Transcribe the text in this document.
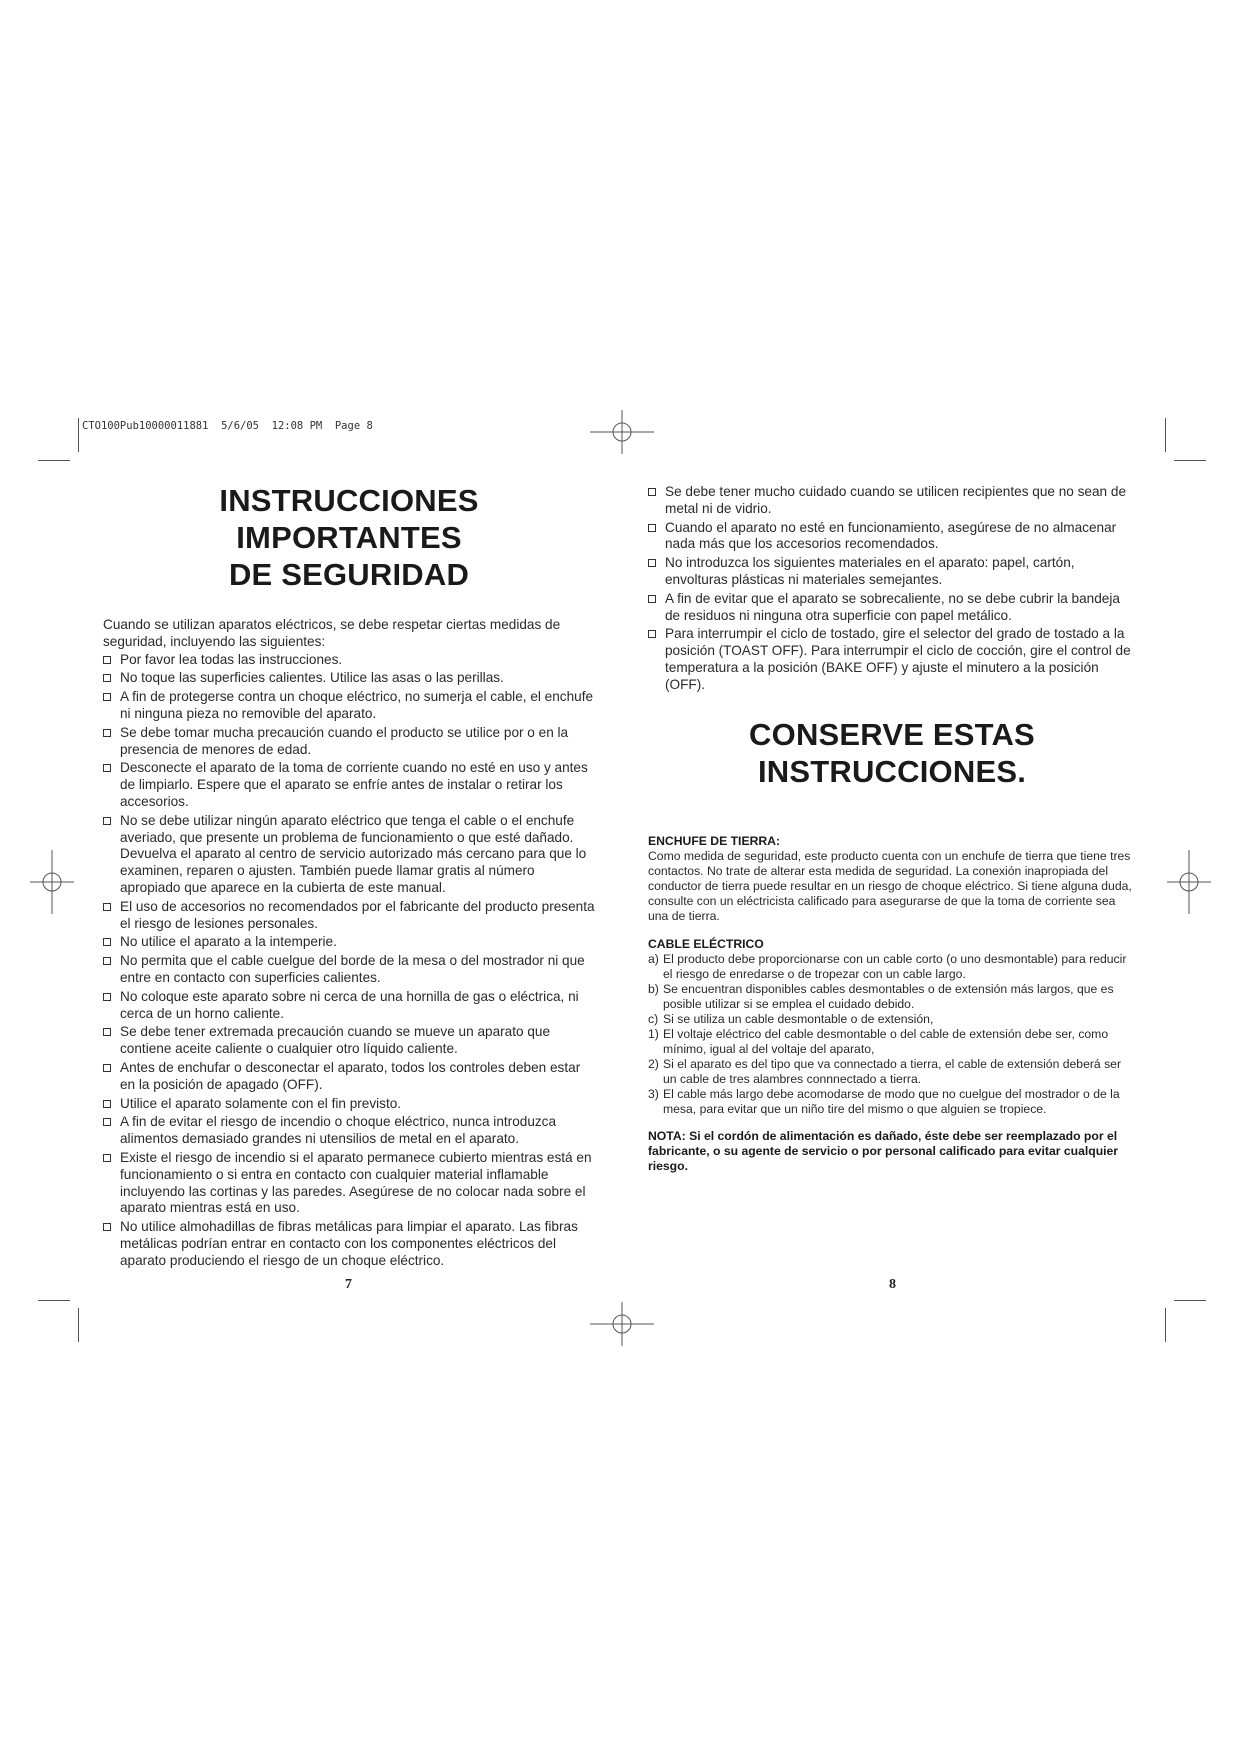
CTO100Pub10000011881  5/6/05  12:08 PM  Page 8
INSTRUCCIONES IMPORTANTES
DE SEGURIDAD

Cuando se utilizan aparatos eléctricos, se debe respetar ciertas medidas de seguridad, incluyendo las siguientes:

Por favor lea todas las instrucciones.
No toque las superficies calientes. Utilice las asas o las perillas.
A fin de protegerse contra un choque eléctrico, no sumerja el cable, el enchufe ni ninguna pieza no removible del aparato.
Se debe tomar mucha precaución cuando el producto se utilice por o en la presencia de menores de edad.
Desconecte el aparato de la toma de corriente cuando no esté en uso y antes de limpiarlo. Espere que el aparato se enfríe antes de instalar o retirar los accesorios.
No se debe utilizar ningún aparato eléctrico que tenga el cable o el enchufe averiado, que presente un problema de funcionamiento o que esté dañado. Devuelva el aparato al centro de servicio autorizado más cercano para que lo examinen, reparen o ajusten. También puede llamar gratis al número apropiado que aparece en la cubierta de este manual.
El uso de accesorios no recomendados por el fabricante del producto presenta el riesgo de lesiones personales.
No utilice el aparato a la intemperie.
No permita que el cable cuelgue del borde de la mesa o del mostrador ni que entre en contacto con superficies calientes.
No coloque este aparato sobre ni cerca de una hornilla de gas o eléctrica, ni cerca de un horno caliente.
Se debe tener extremada precaución cuando se mueve un aparato que contiene aceite caliente o cualquier otro líquido caliente.
Antes de enchufar o desconectar el aparato, todos los controles deben estar en la posición de apagado (OFF).
Utilice el aparato solamente con el fin previsto.
A fin de evitar el riesgo de incendio o choque eléctrico, nunca introduzca alimentos demasiado grandes ni utensilios de metal en el aparato.
Existe el riesgo de incendio si el aparato permanece cubierto mientras está en funcionamiento o si entra en contacto con cualquier material inflamable incluyendo las cortinas y las paredes. Asegúrese de no colocar nada sobre el aparato mientras está en uso.
No utilice almohadillas de fibras metálicas para limpiar el aparato. Las fibras metálicas podrían entrar en contacto con los componentes eléctricos del aparato produciendo el riesgo de un choque eléctrico.
Se debe tener mucho cuidado cuando se utilicen recipientes que no sean de metal ni de vidrio.
Cuando el aparato no esté en funcionamiento, asegúrese de no almacenar nada más que los accesorios recomendados.
No introduzca los siguientes materiales en el aparato: papel, cartón, envolturas plásticas ni materiales semejantes.
A fin de evitar que el aparato se sobrecaliente, no se debe cubrir la bandeja de residuos ni ninguna otra superficie con papel metálico.
Para interrumpir el ciclo de tostado, gire el selector del grado de tostado a la posición (TOAST OFF). Para interrumpir el ciclo de cocción, gire el control de temperatura a la posición (BAKE OFF) y ajuste el minutero a la posición (OFF).
CONSERVE ESTAS
INSTRUCCIONES.
ENCHUFE DE TIERRA:

Como medida de seguridad, este producto cuenta con un enchufe de tierra que tiene tres contactos. No trate de alterar esta medida de seguridad. La conexión inapropiada del conductor de tierra puede resultar en un riesgo de choque eléctrico. Si tiene alguna duda, consulte con un eléctricista calificado para asegurarse de que la toma de corriente sea una de tierra.

CABLE ELÉCTRICO
a) El producto debe proporcionarse con un cable corto (o uno desmontable) para reducir el riesgo de enredarse o de tropezar con un cable largo.
b) Se encuentran disponibles cables desmontables o de extensión más largos, que es posible utilizar si se emplea el cuidado debido.
c) Si se utiliza un cable desmontable o de extensión,
1) El voltaje eléctrico del cable desmontable o del cable de extensión debe ser, como mínimo, igual al del voltaje del aparato,
2) Si el aparato es del tipo que va connectado a tierra, el cable de extensión deberá ser un cable de tres alambres connnectado a tierra.
3) El cable más largo debe acomodarse de modo que no cuelgue del mostrador o de la mesa, para evitar que un niño tire del mismo o que alguien se tropiece.

NOTA: Si el cordón de alimentación es dañado, éste debe ser reemplazado por el fabricante, o su agente de servicio o por personal calificado para evitar cualquier riesgo.

7	8
